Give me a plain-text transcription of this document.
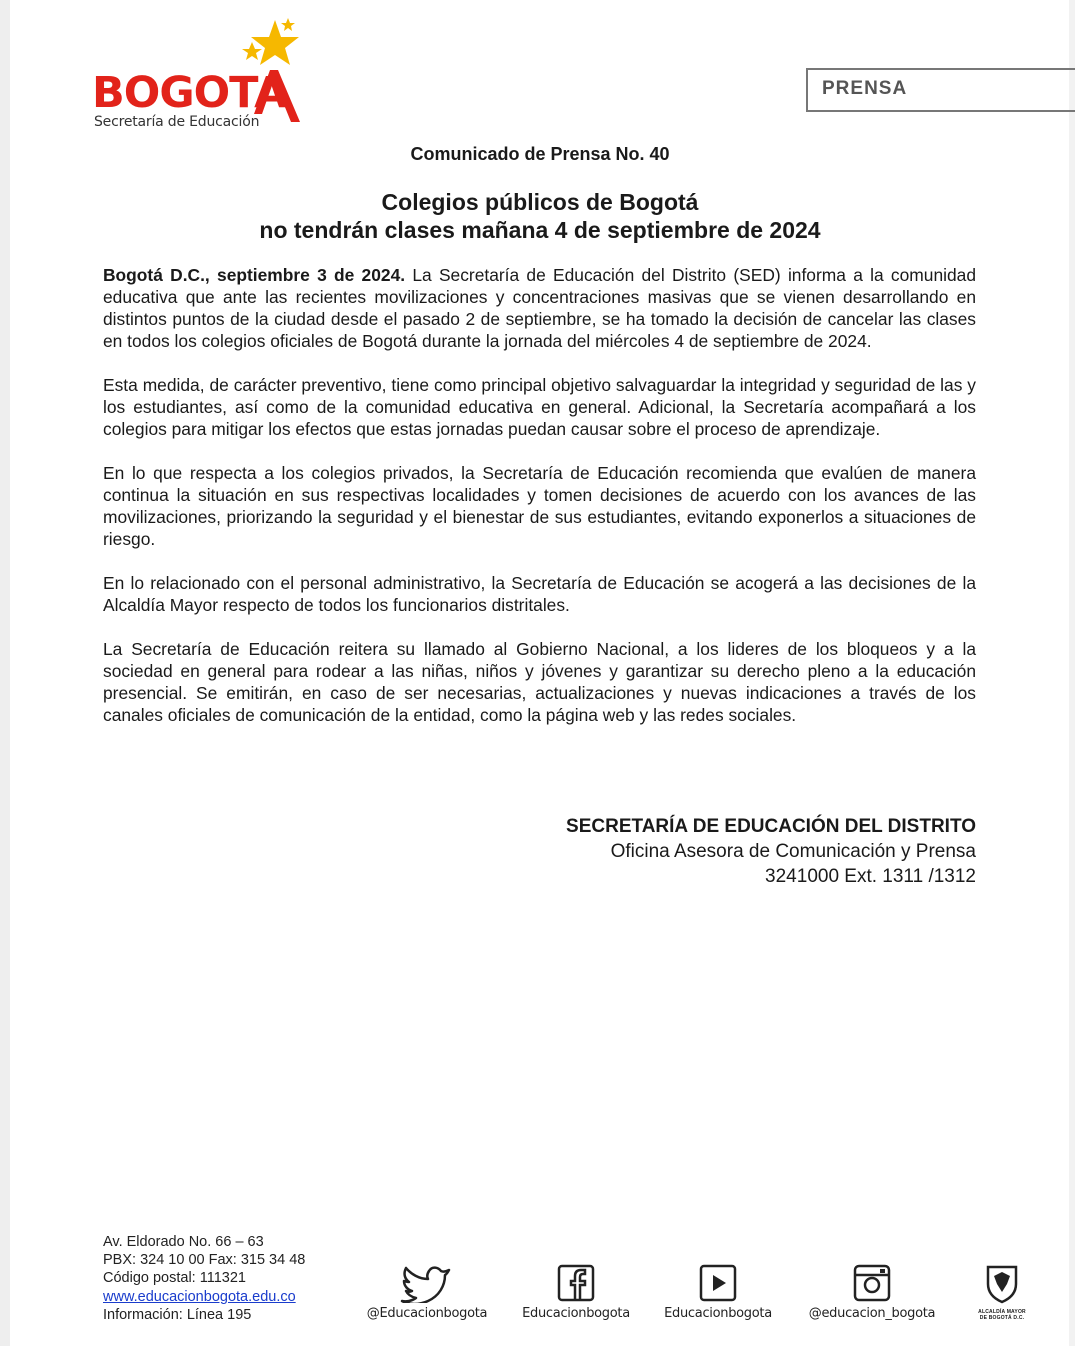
BOGOTA
Secretaría de Educación
PRENSA
Comunicado de Prensa No. 40
Colegios públicos de Bogotá
no tendrán clases mañana 4 de septiembre de 2024

Bogotá D.C., septiembre 3 de 2024. La Secretaría de Educación del Distrito (SED) informa a la comunidad educativa que ante las recientes movilizaciones y concentraciones masivas que se vienen desarrollando en distintos puntos de la ciudad desde el pasado 2 de septiembre, se ha tomado la decisión de cancelar las clases en todos los colegios oficiales de Bogotá durante la jornada del miércoles 4 de septiembre de 2024.

Esta medida, de carácter preventivo, tiene como principal objetivo salvaguardar la integridad y seguridad de las y los estudiantes, así como de la comunidad educativa en general. Adicional, la Secretaría acompañará a los colegios para mitigar los efectos que estas jornadas puedan causar sobre el proceso de aprendizaje.

En lo que respecta a los colegios privados, la Secretaría de Educación recomienda que evalúen de manera continua la situación en sus respectivas localidades y tomen decisiones de acuerdo con los avances de las movilizaciones, priorizando la seguridad y el bienestar de sus estudiantes, evitando exponerlos a situaciones de riesgo.

En lo relacionado con el personal administrativo, la Secretaría de Educación se acogerá a las decisiones de la Alcaldía Mayor respecto de todos los funcionarios distritales.

La Secretaría de Educación reitera su llamado al Gobierno Nacional, a los lideres de los bloqueos y a la sociedad en general para rodear a las niñas, niños y jóvenes y garantizar su derecho pleno a la educación presencial. Se emitirán, en caso de ser necesarias, actualizaciones y nuevas indicaciones a través de los canales oficiales de comunicación de la entidad, como la página web y las redes sociales.

SECRETARÍA DE EDUCACIÓN DEL DISTRITO
Oficina Asesora de Comunicación y Prensa
3241000 Ext. 1311 /1312
Av. Eldorado No. 66 – 63
PBX: 324 10 00 Fax: 315 34 48
Código postal: 111321
www.educacionbogota.edu.co
Información: Línea 195	@Educacionbogota	Educacionbogota	Educacionbogota	@educacion_bogota	ALCALDÍA MAYOR
DE BOGOTÁ D.C.
